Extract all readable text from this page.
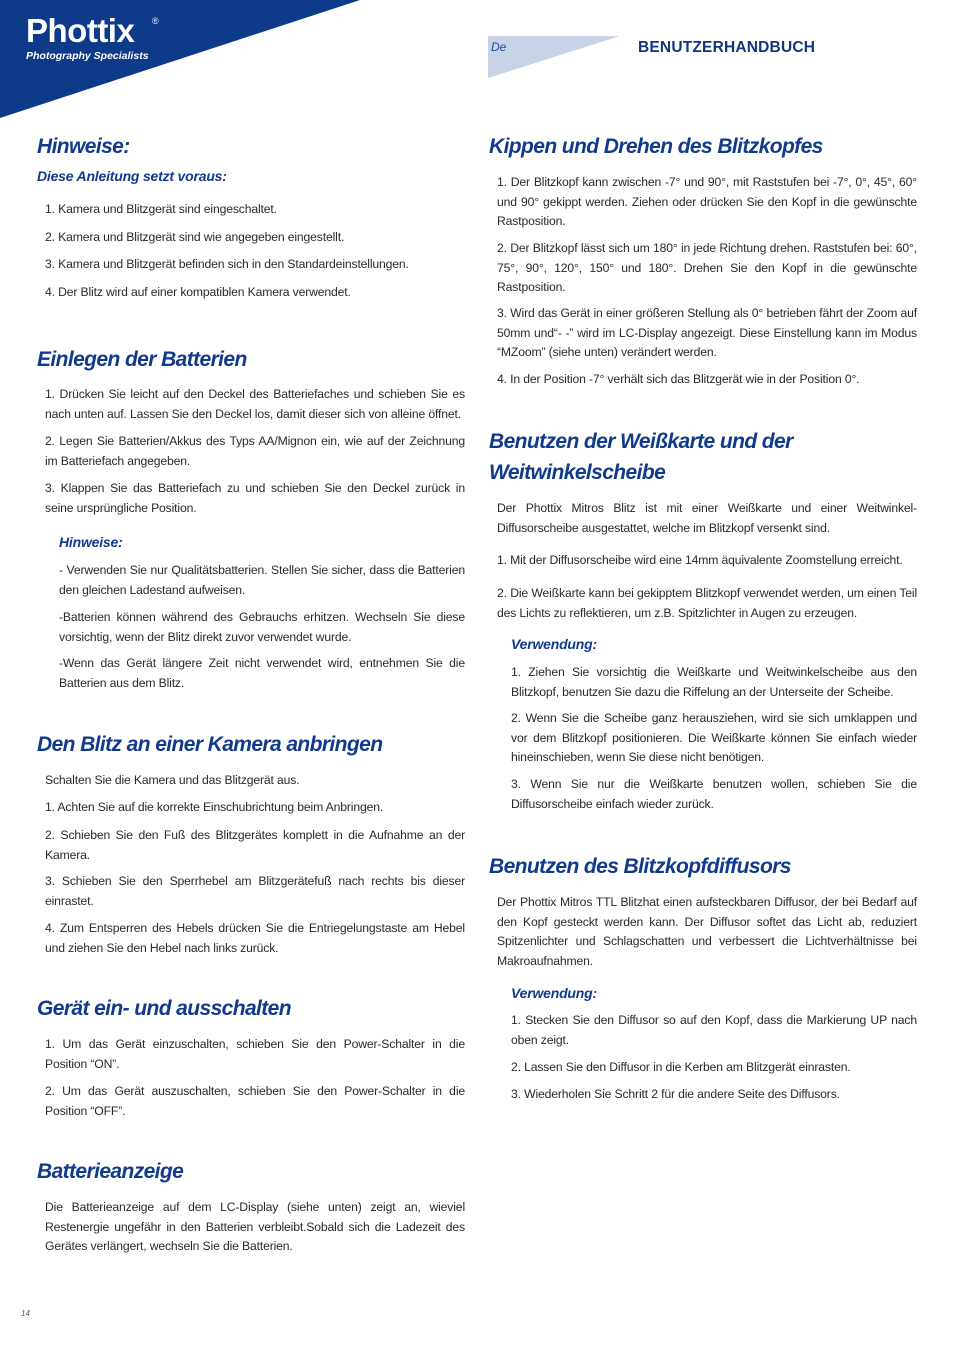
Phottix ®
Photography Specialists
De	BENUTZERHANDBUCH
Hinweise:
Diese Anleitung setzt voraus:
1. Kamera und Blitzgerät sind eingeschaltet.
2. Kamera und Blitzgerät sind wie angegeben eingestellt.
3. Kamera und Blitzgerät befinden sich in den Standardeinstellungen.
4. Der Blitz wird auf einer kompatiblen Kamera verwendet.
Einlegen der Batterien
1. Drücken Sie leicht auf den Deckel des Batteriefaches und schieben Sie es nach unten auf. Lassen Sie den Deckel los, damit dieser sich von alleine öffnet.
2. Legen Sie Batterien/Akkus des Typs AA/Mignon ein, wie auf der Zeichnung im Batteriefach angegeben.
3. Klappen Sie das Batteriefach zu und schieben Sie den Deckel zurück in seine ursprüngliche Position.
Hinweise:
- Verwenden Sie nur Qualitätsbatterien. Stellen Sie sicher, dass die Batterien den gleichen Ladestand aufweisen.
-Batterien können während des Gebrauchs erhitzen. Wechseln Sie diese vorsichtig, wenn der Blitz direkt zuvor verwendet wurde.
-Wenn das Gerät längere Zeit nicht verwendet wird, entnehmen Sie die Batterien aus dem Blitz.
Den Blitz an einer Kamera anbringen
Schalten Sie die Kamera und das Blitzgerät aus.
1. Achten Sie auf die korrekte Einschubrichtung beim Anbringen.
2. Schieben Sie den Fuß des Blitzgerätes komplett in die Aufnahme an der Kamera.
3. Schieben Sie den Sperrhebel am Blitzgerätefuß nach rechts bis dieser einrastet.
4. Zum Entsperren des Hebels drücken Sie die Entriegelungstaste am Hebel und ziehen Sie den Hebel nach links zurück.
Gerät ein- und ausschalten
1. Um das Gerät einzuschalten, schieben Sie den Power-Schalter in die Position “ON”.
2. Um das Gerät auszuschalten, schieben Sie den Power-Schalter in die Position “OFF”.
Batterieanzeige
Die Batterieanzeige auf dem LC-Display (siehe unten) zeigt an, wieviel Restenergie ungefähr in den Batterien verbleibt.Sobald sich die Ladezeit des Gerätes verlängert, wechseln Sie die Batterien.
Kippen und Drehen des Blitzkopfes
1. Der Blitzkopf kann zwischen -7° und 90°, mit Raststufen bei -7°, 0°, 45°, 60° und 90° gekippt werden. Ziehen oder drücken Sie den Kopf in die gewünschte Rastposition.
2. Der Blitzkopf lässt sich um 180° in jede Richtung drehen. Raststufen bei: 60°, 75°, 90°, 120°, 150° und 180°. Drehen Sie den Kopf in die gewünschte Rastposition.
3. Wird das Gerät in einer größeren Stellung als 0° betrieben fährt der Zoom auf 50mm und“- -” wird im LC-Display angezeigt. Diese Einstellung kann im Modus “MZoom” (siehe unten) verändert werden.
4. In der Position -7° verhält sich das Blitzgerät wie in der Position 0°.
Benutzen der Weißkarte und der
Weitwinkelscheibe
Der Phottix Mitros Blitz ist mit einer Weißkarte und einer Weitwinkel-Diffusorscheibe ausgestattet, welche im Blitzkopf versenkt sind.
1. Mit der Diffusorscheibe wird eine 14mm äquivalente Zoomstellung erreicht.
2. Die Weißkarte kann bei gekipptem Blitzkopf verwendet werden, um einen Teil des Lichts zu reflektieren, um z.B. Spitzlichter in Augen zu erzeugen.
Verwendung:
1. Ziehen Sie vorsichtig die Weißkarte und Weitwinkelscheibe aus den Blitzkopf, benutzen Sie dazu die Riffelung an der Unterseite der Scheibe.
2. Wenn Sie die Scheibe ganz herausziehen, wird sie sich umklappen und vor dem Blitzkopf positionieren. Die Weißkarte können Sie einfach wieder hineinschieben, wenn Sie diese nicht benötigen.
3. Wenn Sie nur die Weißkarte benutzen wollen, schieben Sie die Diffusorscheibe einfach wieder zurück.
Benutzen des Blitzkopfdiffusors
Der Phottix Mitros TTL Blitzhat einen aufsteckbaren Diffusor, der bei Bedarf auf den Kopf gesteckt werden kann. Der Diffusor softet das Licht ab, reduziert Spitzenlichter und Schlagschatten und verbessert die Lichtverhältnisse bei Makroaufnahmen.
Verwendung:
1. Stecken Sie den Diffusor so auf den Kopf, dass die Markierung UP nach oben zeigt.
2. Lassen Sie den Diffusor in die Kerben am Blitzgerät einrasten.
3. Wiederholen Sie Schritt 2 für die andere Seite des Diffusors.
14
